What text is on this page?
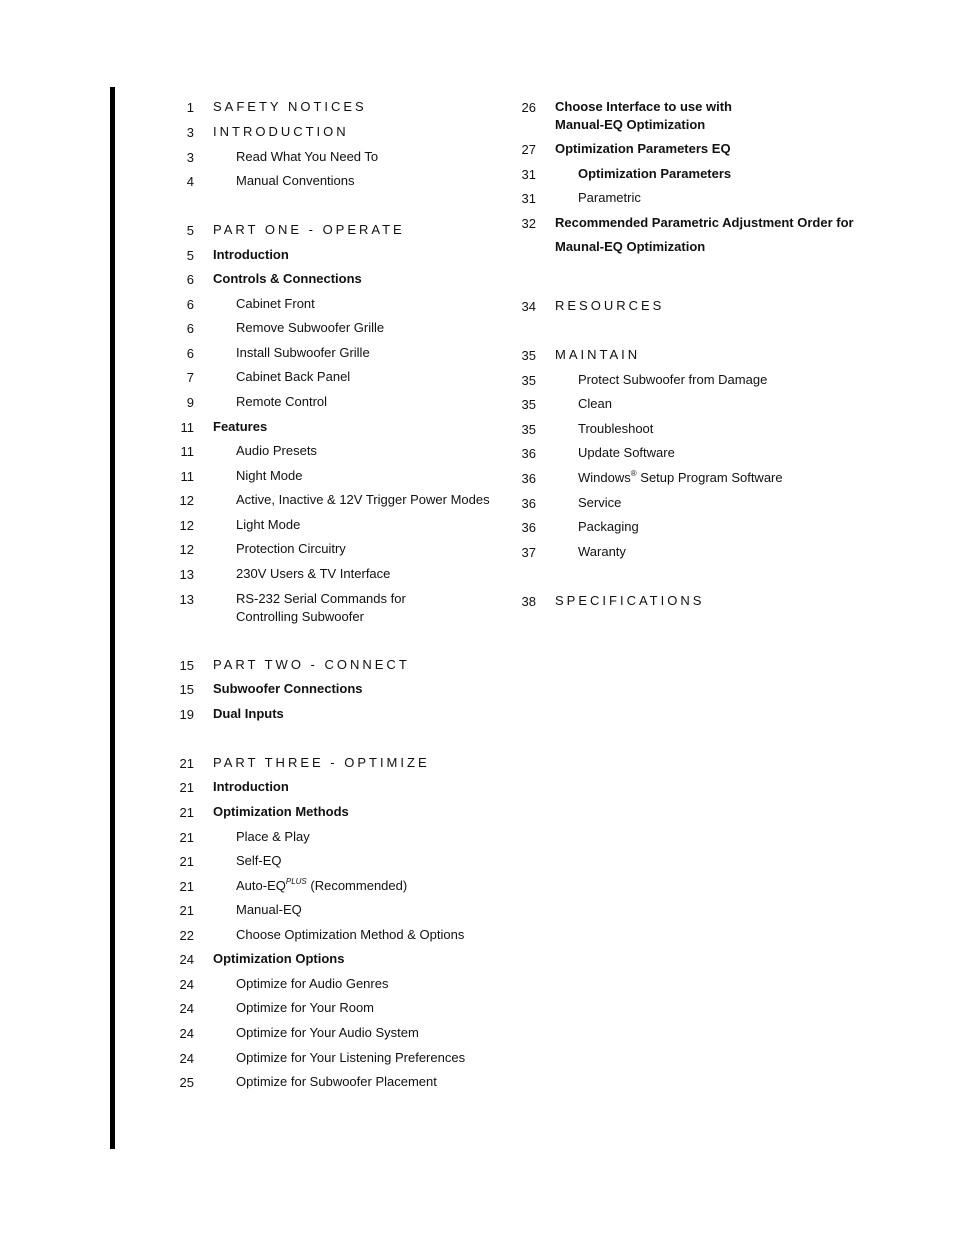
1 SAFETY NOTICES
3 INTRODUCTION
3	Read What You Need To
4	Manual Conventions
5 PART ONE - OPERATE
5 Introduction
6 Controls & Connections
6	Cabinet Front
6	Remove Subwoofer Grille
6	Install Subwoofer Grille
7	Cabinet Back Panel
9	Remote Control
11 Features
11	Audio Presets
11	Night Mode
12	Active, Inactive & 12V Trigger Power Modes
12	Light Mode
12	Protection Circuitry
13	230V Users & TV Interface
13	RS-232 Serial Commands for
Controlling Subwoofer
15 PART TWO - CONNECT
15 Subwoofer Connections
19 Dual Inputs
21 PART THREE - OPTIMIZE
21 Introduction
21 Optimization Methods
21	Place & Play
21	Self-EQ
21	Auto-$EQ^{PLUS}$ (Recommended)
21	Manual-EQ
22	Choose Optimization Method & Options
24 Optimization Options
24	Optimize for Audio Genres
24	Optimize for Your Room
24	Optimize for Your Audio System
24	Optimize for Your Listening Preferences
25	Optimize for Subwoofer Placement
26 Choose Interface to use with
Manual-EQ Optimization
27 Optimization Parameters EQ
31	Optimization Parameters
31	Parametric
32 Recommended Parametric Adjustment Order for
Maunal-EQ Optimization
34 RESOURCES
35 MAINTAIN
35	Protect Subwoofer from Damage
35	Clean
35	Troubleshoot
36	Update Software
36	Windows® Setup Program Software
36	Service
36	Packaging
37	Waranty
38 SPECIFICATIONS
